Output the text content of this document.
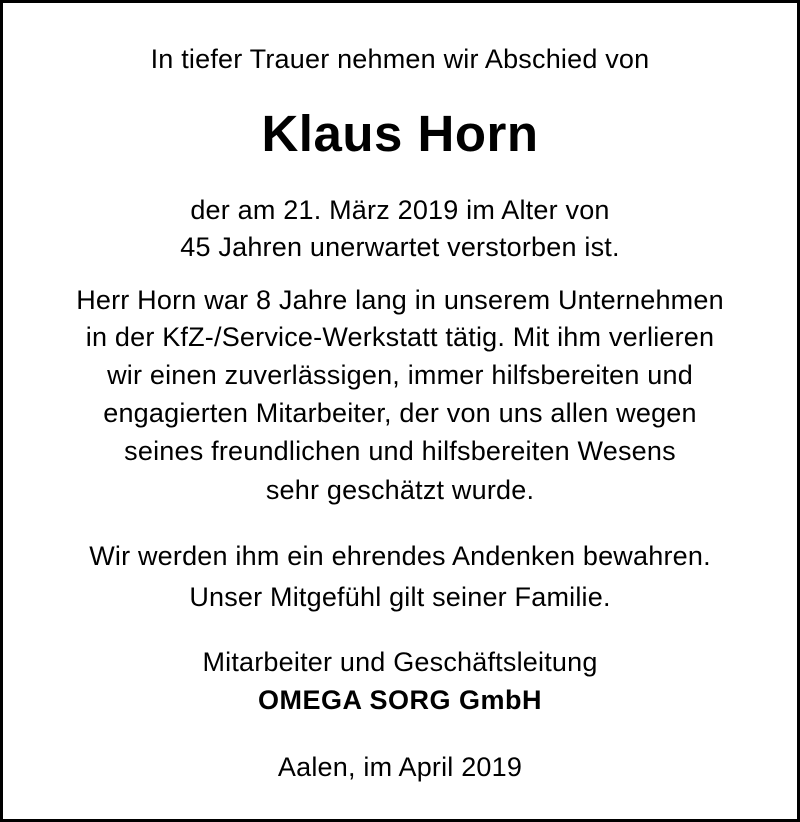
In tiefer Trauer nehmen wir Abschied von
Klaus Horn
der am 21. März 2019 im Alter von
45 Jahren unerwartet verstorben ist.
Herr Horn war 8 Jahre lang in unserem Unternehmen
in der KfZ-/Service-Werkstatt tätig. Mit ihm verlieren
wir einen zuverlässigen, immer hilfsbereiten und
engagierten Mitarbeiter, der von uns allen wegen
seines freundlichen und hilfsbereiten Wesens
sehr geschätzt wurde.
Wir werden ihm ein ehrendes Andenken bewahren.
Unser Mitgefühl gilt seiner Familie.
Mitarbeiter und Geschäftsleitung
OMEGA SORG GmbH
Aalen, im April 2019
